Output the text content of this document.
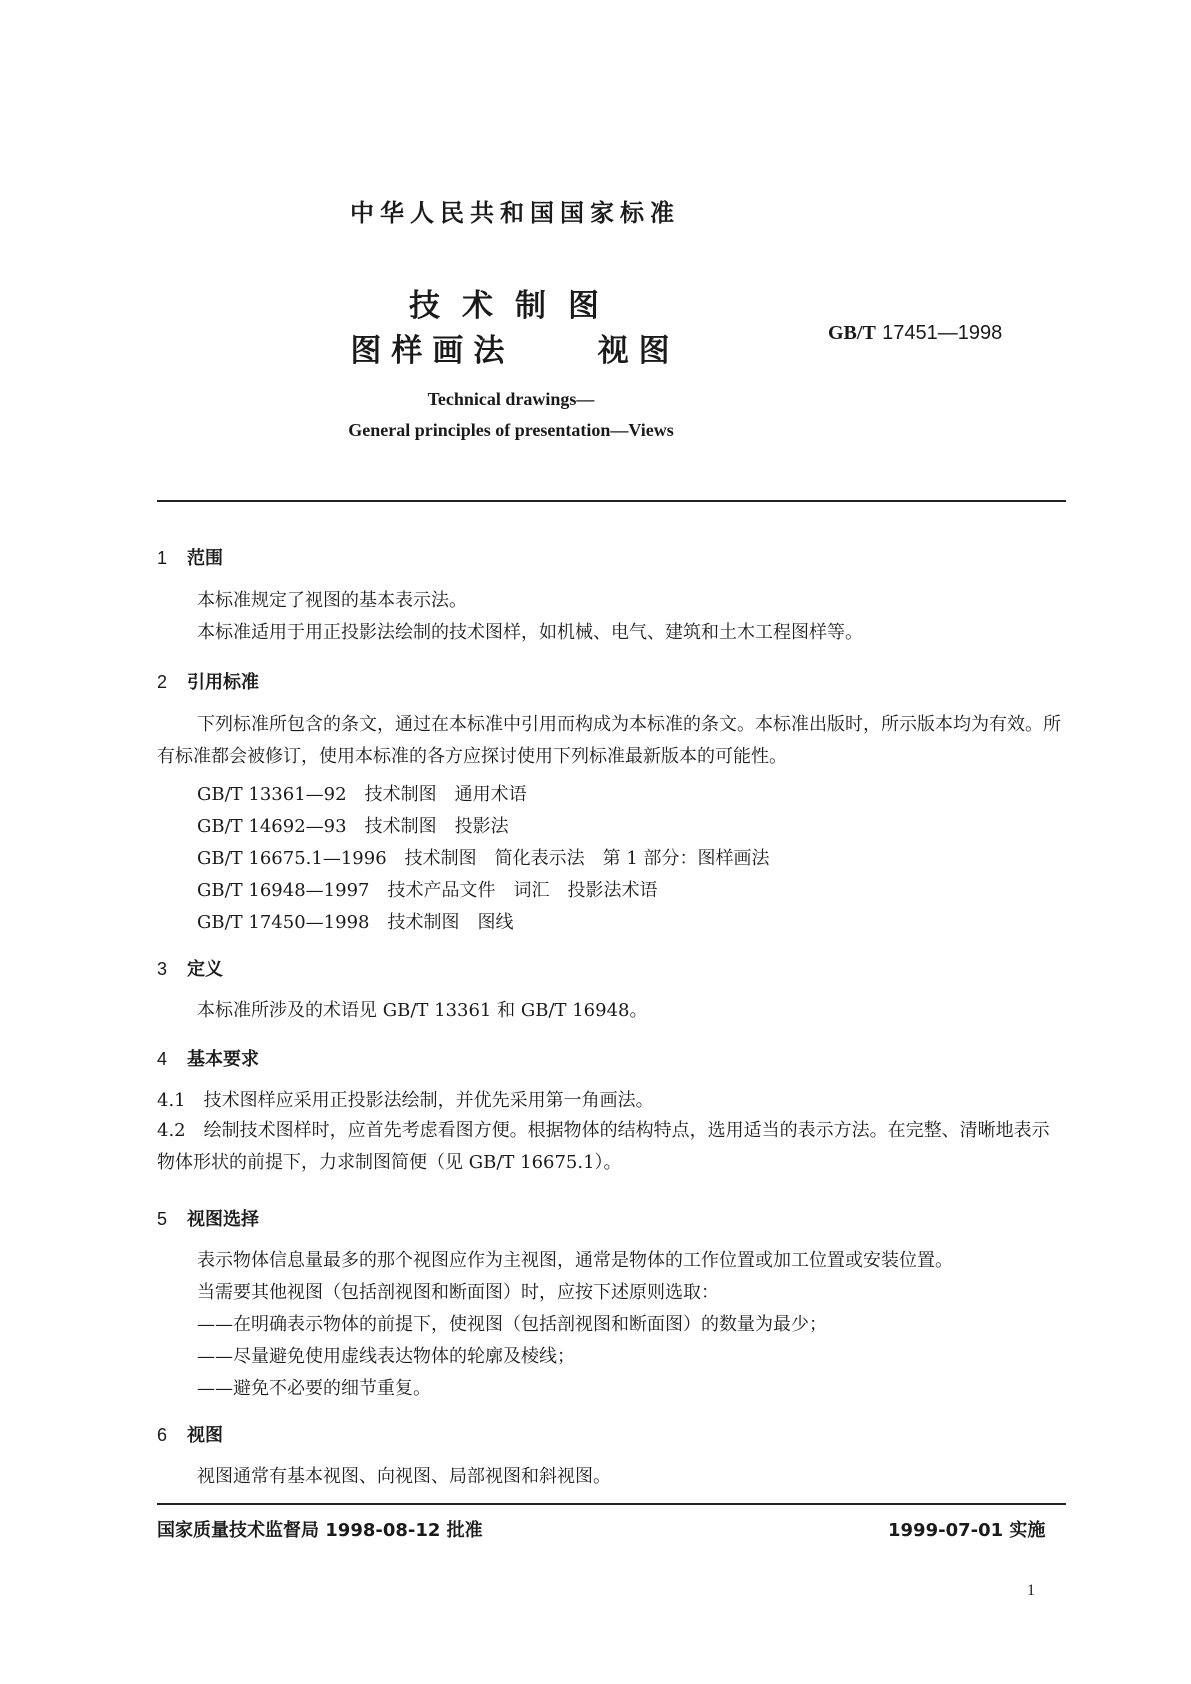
中华人民共和国国家标准
技术制图
图样画法    视图	GB/T 17451—1998
Technical drawings—
General principles of presentation—Views
1 范围
本标准规定了视图的基本表示法。
本标准适用于用正投影法绘制的技术图样，如机械、电气、建筑和土木工程图样等。
2 引用标准
下列标准所包含的条文，通过在本标准中引用而构成为本标准的条文。本标准出版时，所示版本均为有效。所有标准都会被修订，使用本标准的各方应探讨使用下列标准最新版本的可能性。
GB/T 13361—92　技术制图　通用术语
GB/T 14692—93　技术制图　投影法
GB/T 16675.1—1996　技术制图　简化表示法　第 1 部分：图样画法
GB/T 16948—1997　技术产品文件　词汇　投影法术语
GB/T 17450—1998　技术制图　图线
3 定义
本标准所涉及的术语见 GB/T 13361 和 GB/T 16948。
4 基本要求
4.1　技术图样应采用正投影法绘制，并优先采用第一角画法。
4.2　绘制技术图样时，应首先考虑看图方便。根据物体的结构特点，选用适当的表示方法。在完整、清晰地表示物体形状的前提下，力求制图简便（见 GB/T 16675.1）。
5 视图选择
表示物体信息量最多的那个视图应作为主视图，通常是物体的工作位置或加工位置或安装位置。
当需要其他视图（包括剖视图和断面图）时，应按下述原则选取：
——在明确表示物体的前提下，使视图（包括剖视图和断面图）的数量为最少；
——尽量避免使用虚线表达物体的轮廓及棱线；
——避免不必要的细节重复。
6 视图
视图通常有基本视图、向视图、局部视图和斜视图。
国家质量技术监督局 1998-08-12 批准	1999-07-01 实施
1
